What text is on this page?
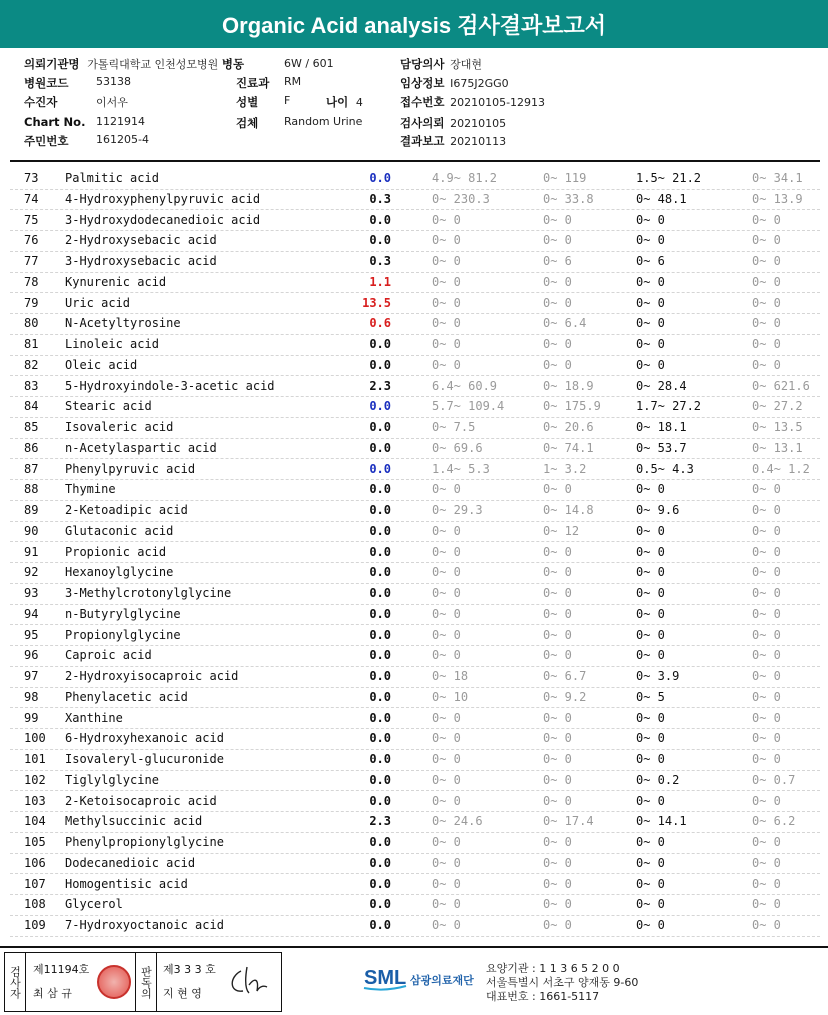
Organic Acid analysis 검사결과보고서
의뢰기관명 가톨릭대학교 인천성모병원 병동	6W / 601	담당의사 장대현
병원코드	53138	진료과 RM	임상정보 I675J2GG0
수진자	이서우	성별 F	나이 4	접수번호 20210105-12913
Chart No. 1121914	검체 Random Urine	검사의뢰 20210105
주민번호	161205-4	결과보고 20210113
73	Palmitic acid	0.0	4.9~ 81.2	0~ 119	1.5~ 21.2	0~ 34.1
74	4-Hydroxyphenylpyruvic acid	0.3	0~ 230.3	0~ 33.8	0~ 48.1	0~ 13.9
75	3-Hydroxydodecanedioic acid	0.0	0~ 0	0~ 0	0~ 0	0~ 0
76	2-Hydroxysebacic acid	0.0	0~ 0	0~ 0	0~ 0	0~ 0
77	3-Hydroxysebacic acid	0.3	0~ 0	0~ 6	0~ 6	0~ 0
78	Kynurenic acid	1.1	0~ 0	0~ 0	0~ 0	0~ 0
79	Uric acid	13.5	0~ 0	0~ 0	0~ 0	0~ 0
80	N-Acetyltyrosine	0.6	0~ 0	0~ 6.4	0~ 0	0~ 0
81	Linoleic acid	0.0	0~ 0	0~ 0	0~ 0	0~ 0
82	Oleic acid	0.0	0~ 0	0~ 0	0~ 0	0~ 0
83	5-Hydroxyindole-3-acetic acid	2.3	6.4~ 60.9	0~ 18.9	0~ 28.4	0~ 621.6
84	Stearic acid	0.0	5.7~ 109.4	0~ 175.9	1.7~ 27.2	0~ 27.2
85	Isovaleric acid	0.0	0~ 7.5	0~ 20.6	0~ 18.1	0~ 13.5
86	n-Acetylaspartic acid	0.0	0~ 69.6	0~ 74.1	0~ 53.7	0~ 13.1
87	Phenylpyruvic acid	0.0	1.4~ 5.3	1~ 3.2	0.5~ 4.3	0.4~ 1.2
88	Thymine	0.0	0~ 0	0~ 0	0~ 0	0~ 0
89	2-Ketoadipic acid	0.0	0~ 29.3	0~ 14.8	0~ 9.6	0~ 0
90	Glutaconic acid	0.0	0~ 0	0~ 12	0~ 0	0~ 0
91	Propionic acid	0.0	0~ 0	0~ 0	0~ 0	0~ 0
92	Hexanoylglycine	0.0	0~ 0	0~ 0	0~ 0	0~ 0
93	3-Methylcrotonylglycine	0.0	0~ 0	0~ 0	0~ 0	0~ 0
94	n-Butyrylglycine	0.0	0~ 0	0~ 0	0~ 0	0~ 0
95	Propionylglycine	0.0	0~ 0	0~ 0	0~ 0	0~ 0
96	Caproic acid	0.0	0~ 0	0~ 0	0~ 0	0~ 0
97	2-Hydroxyisocaproic acid	0.0	0~ 18	0~ 6.7	0~ 3.9	0~ 0
98	Phenylacetic acid	0.0	0~ 10	0~ 9.2	0~ 5	0~ 0
99	Xanthine	0.0	0~ 0	0~ 0	0~ 0	0~ 0
100	6-Hydroxyhexanoic acid	0.0	0~ 0	0~ 0	0~ 0	0~ 0
101	Isovaleryl-glucuronide	0.0	0~ 0	0~ 0	0~ 0	0~ 0
102	Tiglylglycine	0.0	0~ 0	0~ 0	0~ 0.2	0~ 0.7
103	2-Ketoisocaproic acid	0.0	0~ 0	0~ 0	0~ 0	0~ 0
104	Methylsuccinic acid	2.3	0~ 24.6	0~ 17.4	0~ 14.1	0~ 6.2
105	Phenylpropionylglycine	0.0	0~ 0	0~ 0	0~ 0	0~ 0
106	Dodecanedioic acid	0.0	0~ 0	0~ 0	0~ 0	0~ 0
107	Homogentisic acid	0.0	0~ 0	0~ 0	0~ 0	0~ 0
108	Glycerol	0.0	0~ 0	0~ 0	0~ 0	0~ 0
109	7-Hydroxyoctanoic acid	0.0	0~ 0	0~ 0	0~ 0	0~ 0
검사자 제11194호
최 삼 규	판독의 제3 3 3 호
지 현 영
SML 삼광의료재단
요양기관 : 1 1 3 6 5 2 0 0
서울특별시 서초구 양재동 9-60
대표번호 : 1661-5117
